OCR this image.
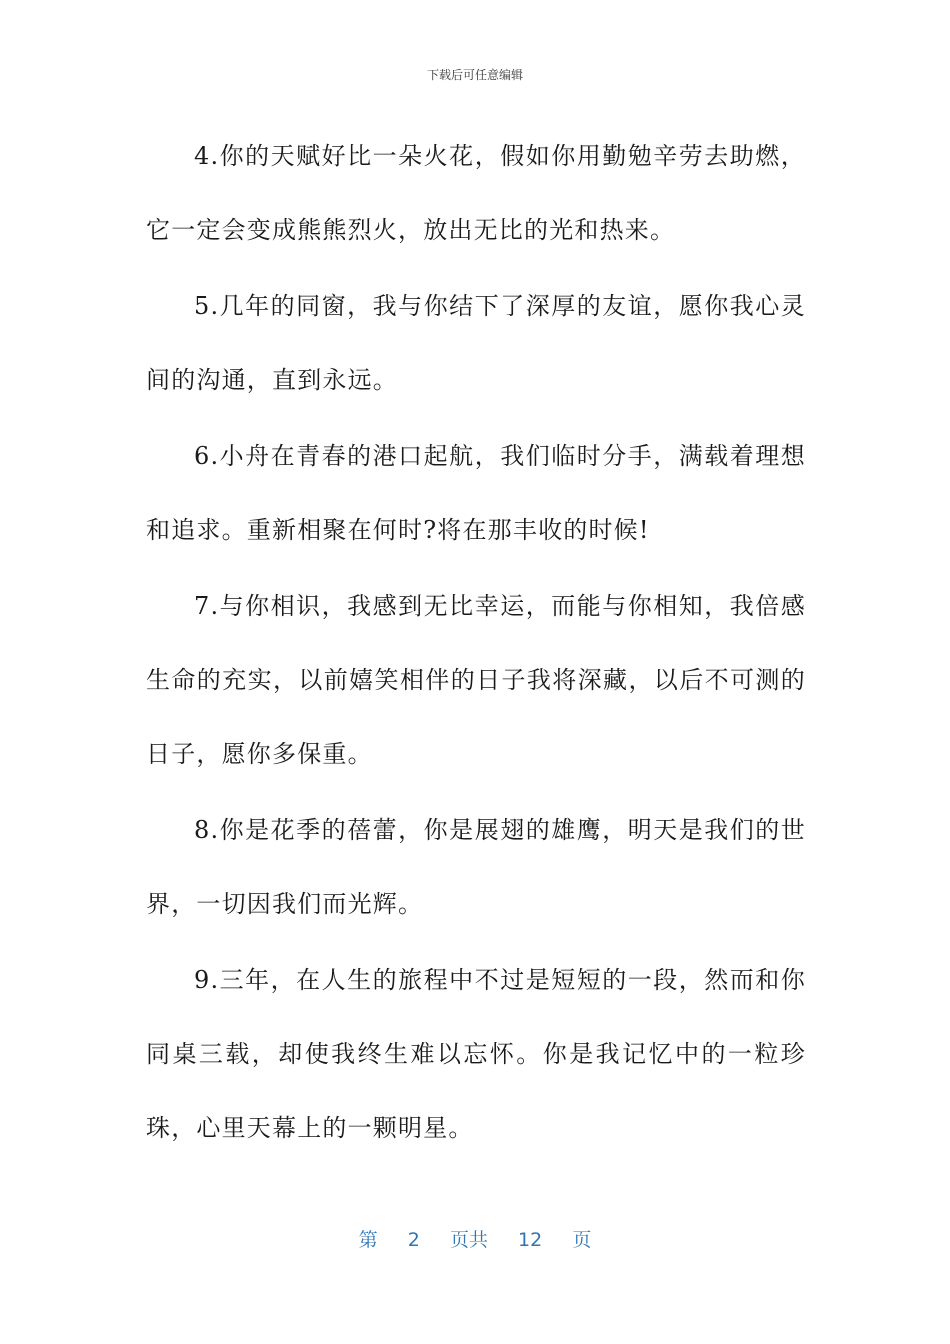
下载后可任意编辑

4.你的天赋好比一朵火花，假如你用勤勉辛劳去助燃，它一定会变成熊熊烈火，放出无比的光和热来。

5.几年的同窗，我与你结下了深厚的友谊，愿你我心灵间的沟通，直到永远。

6.小舟在青春的港口起航，我们临时分手，满载着理想和追求。重新相聚在何时?将在那丰收的时候!

7.与你相识，我感到无比幸运，而能与你相知，我倍感生命的充实，以前嬉笑相伴的日子我将深藏，以后不可测的日子，愿你多保重。

8.你是花季的蓓蕾，你是展翅的雄鹰，明天是我们的世界，一切因我们而光辉。

9.三年，在人生的旅程中不过是短短的一段，然而和你同桌三载，却使我终生难以忘怀。你是我记忆中的一粒珍珠，心里天幕上的一颗明星。

第 2 页共 12 页
